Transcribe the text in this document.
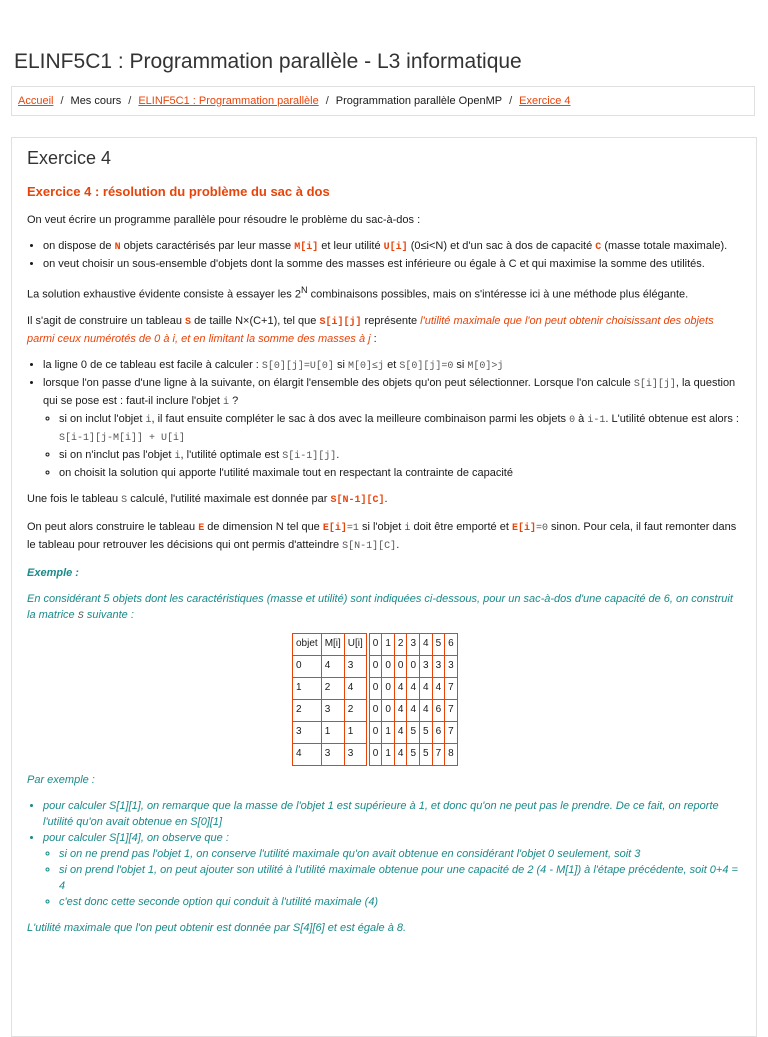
ELINF5C1 : Programmation parallèle - L3 informatique
Accueil / Mes cours / ELINF5C1 : Programmation parallèle / Programmation parallèle OpenMP / Exercice 4
Exercice 4
Exercice 4 : résolution du problème du sac à dos

On veut écrire un programme parallèle pour résoudre le problème du sac-à-dos :

• on dispose de N objets caractérisés par leur masse M[i] et leur utilité U[i] (0≤i<N) et d'un sac à dos de capacité C (masse totale maximale).
• on veut choisir un sous-ensemble d'objets dont la somme des masses est inférieure ou égale à C et qui maximise la somme des utilités.

La solution exhaustive évidente consiste à essayer les $2^N$ combinaisons possibles, mais on s'intéresse ici à une méthode plus élégante.

Il s'agit de construire un tableau S de taille N×(C+1), tel que S[i][j] représente l'utilité maximale que l'on peut obtenir choisissant des objets parmi ceux numérotés de 0 à i, et en limitant la somme des masses à j :

• la ligne 0 de ce tableau est facile à calculer : S[0][j]=U[0] si M[0]≤j et S[0][j]=0 si M[0]>j
• lorsque l'on passe d'une ligne à la suivante, on élargit l'ensemble des objets qu'on peut sélectionner. Lorsque l'on calcule S[i][j], la question qui se pose est : faut-il inclure l'objet i ?
◦ si on inclut l'objet i, il faut ensuite compléter le sac à dos avec la meilleure combinaison parmi les objets 0 à i-1. L'utilité obtenue est alors : S[i-1][j-M[i]] + U[i]
◦ si on n'inclut pas l'objet i, l'utilité optimale est S[i-1][j].
◦ on choisit la solution qui apporte l'utilité maximale tout en respectant la contrainte de capacité

Une fois le tableau S calculé, l'utilité maximale est donnée par S[N-1][C].

On peut alors construire le tableau E de dimension N tel que E[i]=1 si l'objet i doit être emporté et E[i]=0 sinon. Pour cela, il faut remonter dans le tableau pour retrouver les décisions qui ont permis d'atteindre S[N-1][C].

Exemple :

En considérant 5 objets dont les caractéristiques (masse et utilité) sont indiquées ci-dessous, pour un sac-à-dos d'une capacité de 6, on construit la matrice S suivante :

objet	M[i]	U[i]		0	1	2	3	4	5	6
0	4	3		0	0	0	0	3	3	3
1	2	4		0	0	4	4	4	4	7
2	3	2		0	0	4	4	4	6	7
3	1	1		0	1	4	5	5	6	7
4	3	3		0	1	4	5	5	7	8

Par exemple :

• pour calculer S[1][1], on remarque que la masse de l'objet 1 est supérieure à 1, et donc qu'on ne peut pas le prendre. De ce fait, on reporte l'utilité qu'on avait obtenue en S[0][1]
• pour calculer S[1][4], on observe que :
◦ si on ne prend pas l'objet 1, on conserve l'utilité maximale qu'on avait obtenue en considérant l'objet 0 seulement, soit 3
◦ si on prend l'objet 1, on peut ajouter son utilité à l'utilité maximale obtenue pour une capacité de 2 (4 - M[1]) à l'étape précédente, soit 0+4 = 4
◦ c'est donc cette seconde option qui conduit à l'utilité maximale (4)

L'utilité maximale que l'on peut obtenir est donnée par S[4][6] et est égale à 8.
